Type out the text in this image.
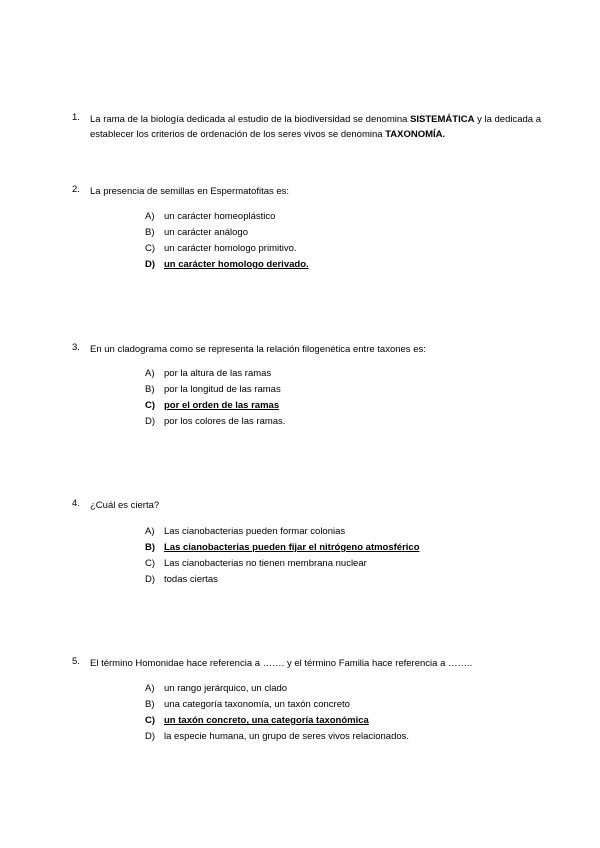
1. La rama de la biología dedicada al estudio de la biodiversidad se denomina SISTEMÁTICA y la dedicada a establecer los criterios de ordenación de los seres vivos se denomina TAXONOMÍA.
2. La presencia de semillas en Espermatofitas es:
A) un carácter homeoplástico
B) un carácter análogo
C) un carácter homologo primitivo.
D) un carácter homologo derivado.
3. En un cladograma como se representa la relación filogenética entre taxones es:
A) por la altura de las ramas
B) por la longitud de las ramas
C) por el orden de las ramas
D) por los colores de las ramas.
4. ¿Cuál es cierta?
A) Las cianobacterias pueden formar colonias
B) Las cianobacterias pueden fijar el nitrógeno atmosférico
C) Las cianobacterias no tienen membrana nuclear
D) todas ciertas
5. El término Homonidae hace referencia a ……. y el término Familia hace referencia a ……..
A) un rango jerárquico, un clado
B) una categoría taxonomía, un taxón concreto
C) un taxón concreto, una categoría taxonómica
D) la especie humana, un grupo de seres vivos relacionados.
